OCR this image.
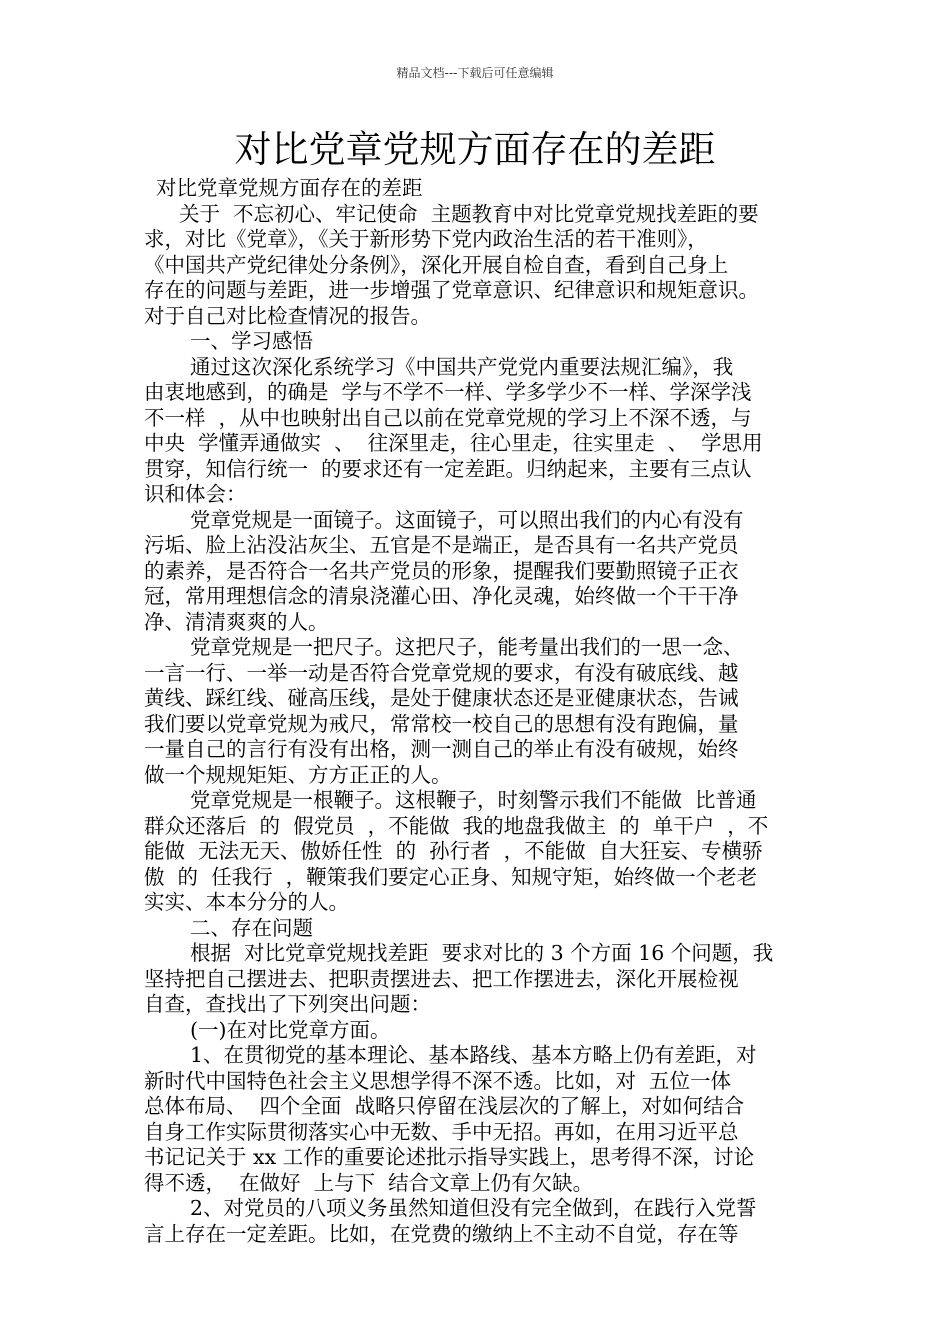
精品文档---下载后可任意编辑
对比党章党规方面存在的差距
对比党章党规方面存在的差距
关于  不忘初心、牢记使命  主题教育中对比党章党规找差距的要
求，对比《党章》，《关于新形势下党内政治生活的若干准则》，
《中国共产党纪律处分条例》，深化开展自检自查，看到自己身上
存在的问题与差距，进一步增强了党章意识、纪律意识和规矩意识。
对于自己对比检查情况的报告。
一、学习感悟
通过这次深化系统学习《中国共产党党内重要法规汇编》，我
由衷地感到，的确是  学与不学不一样、学多学少不一样、学深学浅
不一样  ，从中也映射出自己以前在党章党规的学习上不深不透，与
中央  学懂弄通做实  、  往深里走，往心里走，往实里走  、  学思用
贯穿，知信行统一  的要求还有一定差距。归纳起来，主要有三点认
识和体会：
党章党规是一面镜子。这面镜子，可以照出我们的内心有没有
污垢、脸上沾没沾灰尘、五官是不是端正，是否具有一名共产党员
的素养，是否符合一名共产党员的形象，提醒我们要勤照镜子正衣
冠，常用理想信念的清泉浇灌心田、净化灵魂，始终做一个干干净
净、清清爽爽的人。
党章党规是一把尺子。这把尺子，能考量出我们的一思一念、
一言一行、一举一动是否符合党章党规的要求，有没有破底线、越
黄线、踩红线、碰高压线，是处于健康状态还是亚健康状态，告诫
我们要以党章党规为戒尺，常常校一校自己的思想有没有跑偏，量
一量自己的言行有没有出格，测一测自己的举止有没有破规，始终
做一个规规矩矩、方方正正的人。
党章党规是一根鞭子。这根鞭子，时刻警示我们不能做  比普通
群众还落后  的  假党员  ，不能做  我的地盘我做主  的  单干户  ，不
能做  无法无天、傲娇任性  的  孙行者  ，不能做  自大狂妄、专横骄
傲  的  任我行  ，鞭策我们要定心正身、知规守矩，始终做一个老老
实实、本本分分的人。
二、存在问题
根据  对比党章党规找差距  要求对比的 3 个方面 16 个问题，我
坚持把自己摆进去、把职责摆进去、把工作摆进去，深化开展检视
自查，查找出了下列突出问题：
(一)在对比党章方面。
1、在贯彻党的基本理论、基本路线、基本方略上仍有差距，对
新时代中国特色社会主义思想学得不深不透。比如，对  五位一体
总体布局、  四个全面  战略只停留在浅层次的了解上，对如何结合
自身工作实际贯彻落实心中无数、手中无招。再如，在用习近平总
书记记关于 xx 工作的重要论述批示指导实践上，思考得不深，讨论
得不透，  在做好  上与下  结合文章上仍有欠缺。
2、对党员的八项义务虽然知道但没有完全做到，在践行入党誓
言上存在一定差距。比如，在党费的缴纳上不主动不自觉，存在等
